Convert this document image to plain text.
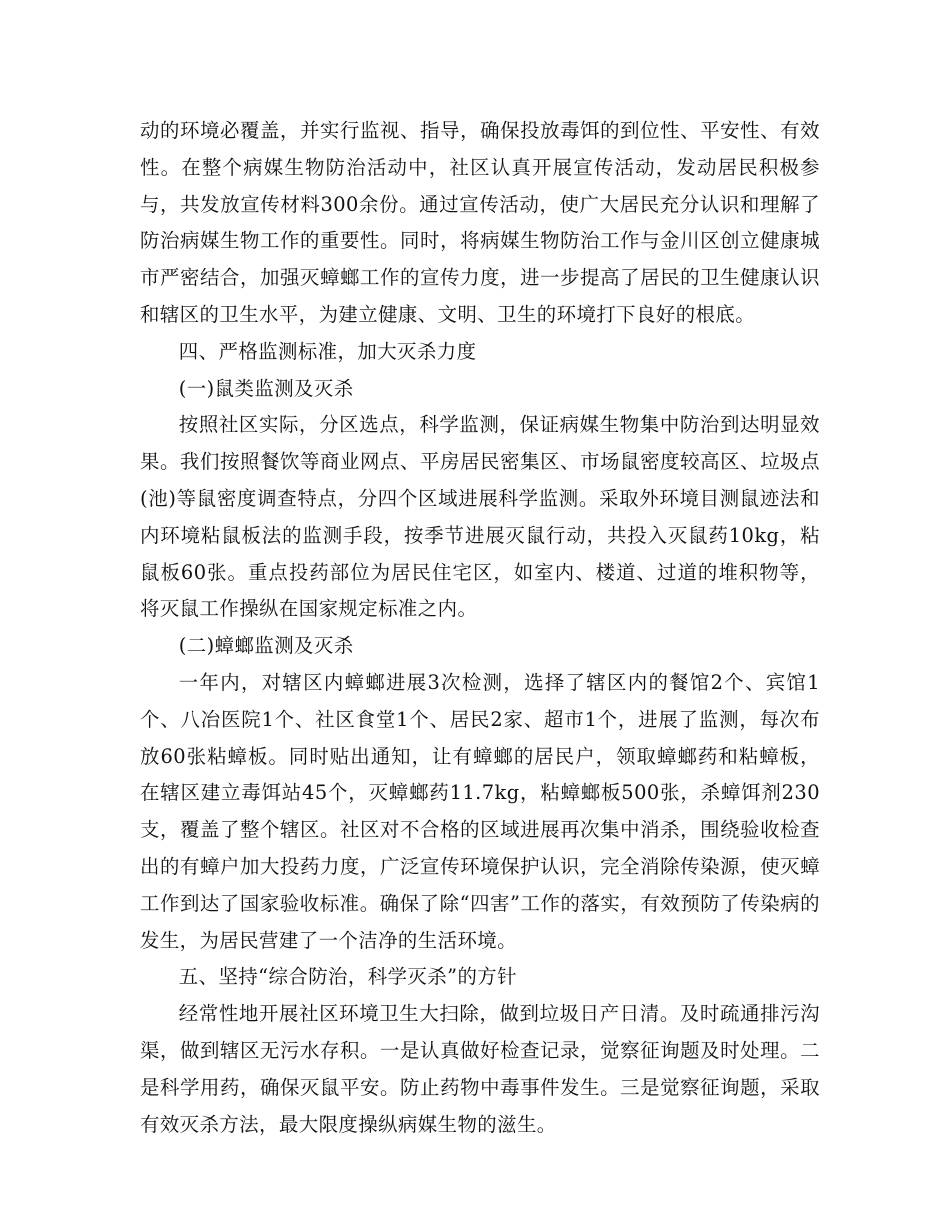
动的环境必覆盖，并实行监视、指导，确保投放毒饵的到位性、平安性、有效性。在整个病媒生物防治活动中，社区认真开展宣传活动，发动居民积极参与，共发放宣传材料300余份。通过宣传活动，使广大居民充分认识和理解了防治病媒生物工作的重要性。同时，将病媒生物防治工作与金川区创立健康城市严密结合，加强灭蟑螂工作的宣传力度，进一步提高了居民的卫生健康认识和辖区的卫生水平，为建立健康、文明、卫生的环境打下良好的根底。

四、严格监测标准，加大灭杀力度

(一)鼠类监测及灭杀

按照社区实际，分区选点，科学监测，保证病媒生物集中防治到达明显效果。我们按照餐饮等商业网点、平房居民密集区、市场鼠密度较高区、垃圾点(池)等鼠密度调查特点，分四个区域进展科学监测。采取外环境目测鼠迹法和内环境粘鼠板法的监测手段，按季节进展灭鼠行动，共投入灭鼠药10kg，粘鼠板60张。重点投药部位为居民住宅区，如室内、楼道、过道的堆积物等，将灭鼠工作操纵在国家规定标准之内。

(二)蟑螂监测及灭杀

一年内，对辖区内蟑螂进展3次检测，选择了辖区内的餐馆2个、宾馆1个、八冶医院1个、社区食堂1个、居民2家、超市1个，进展了监测，每次布放60张粘蟑板。同时贴出通知，让有蟑螂的居民户，领取蟑螂药和粘蟑板，在辖区建立毒饵站45个，灭蟑螂药11.7kg，粘蟑螂板500张，杀蟑饵剂230支，覆盖了整个辖区。社区对不合格的区域进展再次集中消杀，围绕验收检查出的有蟑户加大投药力度，广泛宣传环境保护认识，完全消除传染源，使灭蟑工作到达了国家验收标准。确保了除“四害”工作的落实，有效预防了传染病的发生，为居民营建了一个洁净的生活环境。

五、坚持“综合防治，科学灭杀”的方针

经常性地开展社区环境卫生大扫除，做到垃圾日产日清。及时疏通排污沟渠，做到辖区无污水存积。一是认真做好检查记录，觉察征询题及时处理。二是科学用药，确保灭鼠平安。防止药物中毒事件发生。三是觉察征询题，采取有效灭杀方法，最大限度操纵病媒生物的滋生。
